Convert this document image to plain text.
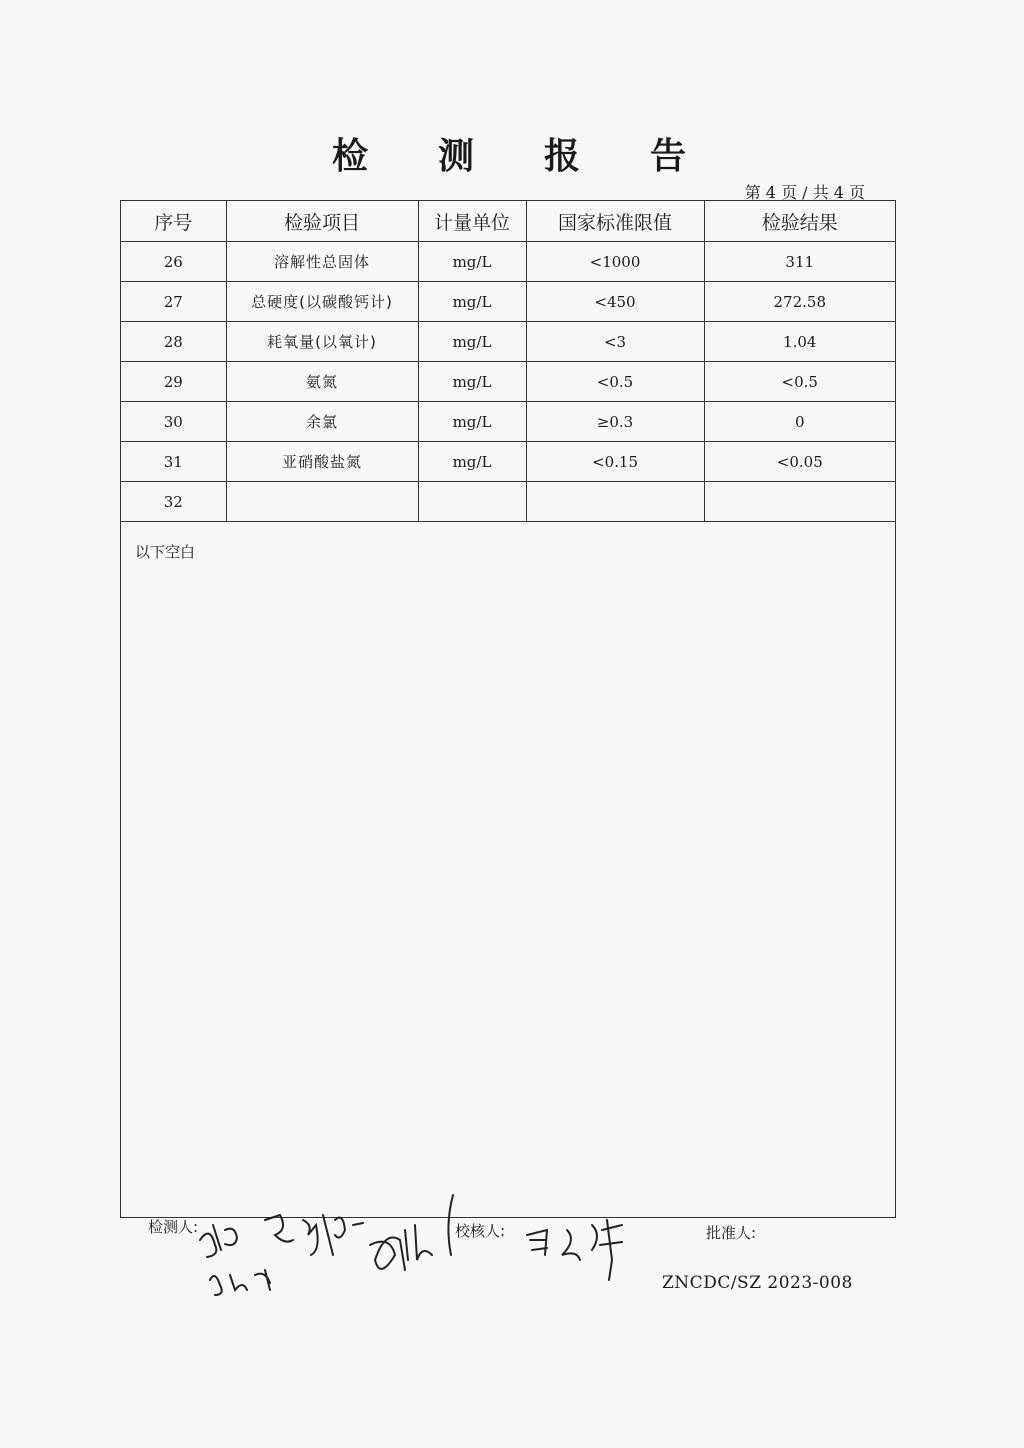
检 测 报 告
第 4 页 / 共 4 页
序号	检验项目	计量单位	国家标准限值	检验结果
26	溶解性总固体	mg/L	<1000	311
27	总硬度(以碳酸钙计)	mg/L	<450	272.58
28	耗氧量(以氧计)	mg/L	<3	1.04
29	氨氮	mg/L	<0.5	<0.5
30	余氯	mg/L	≥0.3	0
31	亚硝酸盐氮	mg/L	<0.15	<0.05
32				
以下空白
检测人:	校核人:	批准人:
ZNCDC/SZ 2023-008
